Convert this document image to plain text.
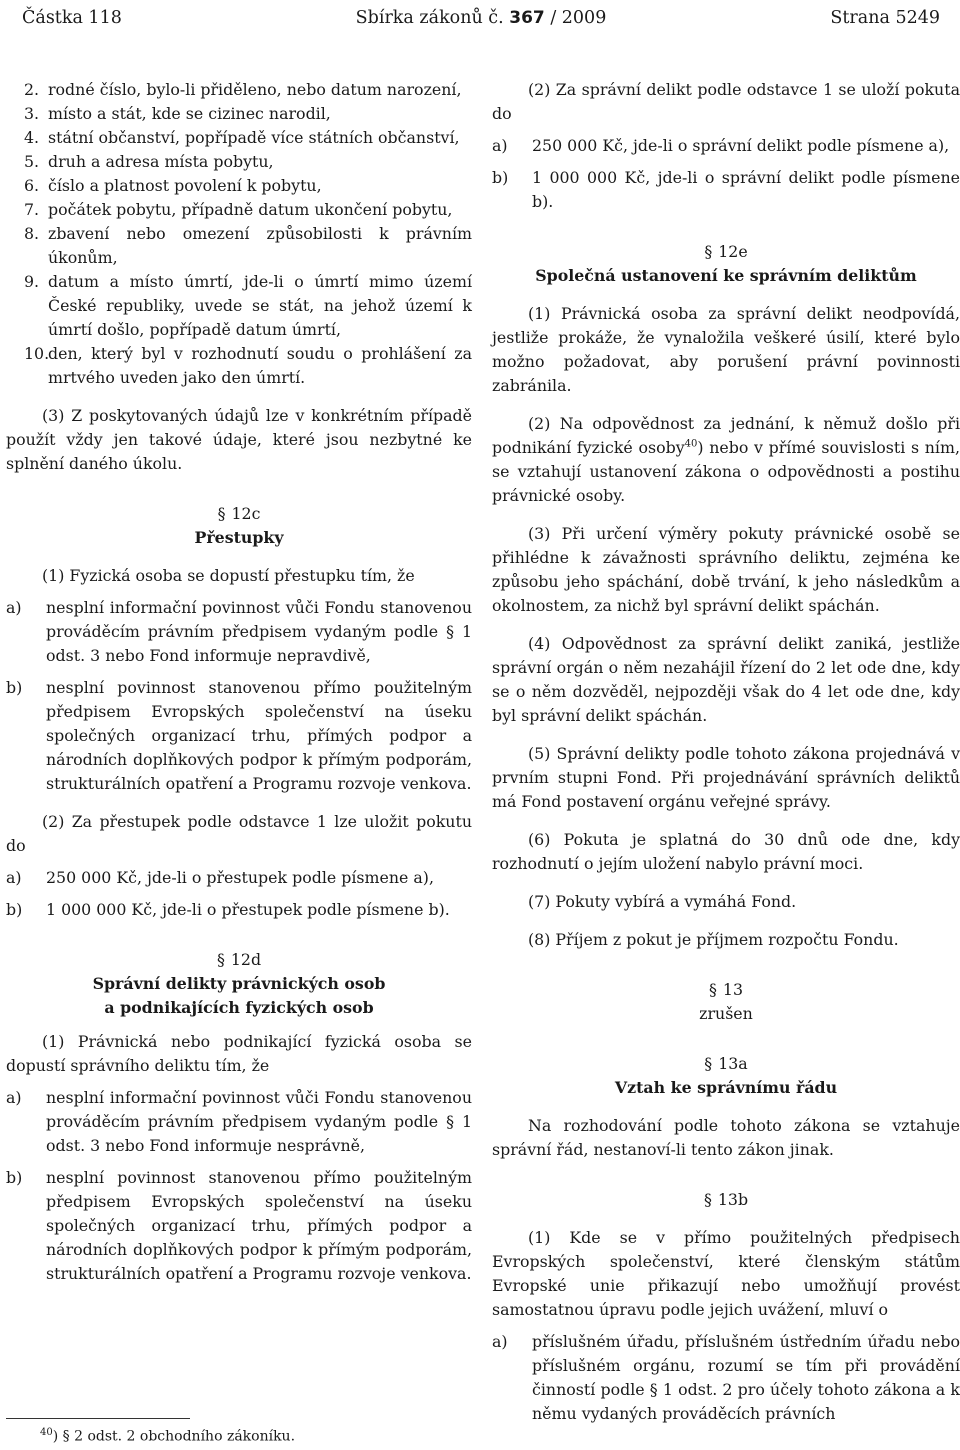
Částka 118	Sbírka zákonů č. 367 / 2009	Strana 5249
2. rodné číslo, bylo-li přiděleno, nebo datum narození,
3. místo a stát, kde se cizinec narodil,
4. státní občanství, popřípadě více státních občanství,
5. druh a adresa místa pobytu,
6. číslo a platnost povolení k pobytu,
7. počátek pobytu, případně datum ukončení pobytu,
8. zbavení nebo omezení způsobilosti k právním úkonům,
9. datum a místo úmrtí, jde-li o úmrtí mimo území České republiky, uvede se stát, na jehož území k úmrtí došlo, popřípadě datum úmrtí,
10.
den, který byl v rozhodnutí soudu o prohlášení za mrtvého uveden jako den úmrtí.

(3) Z poskytovaných údajů lze v konkrétním případě použít vždy jen takové údaje, které jsou nezbytné ke splnění daného úkolu.

§ 12c

Přestupky

(1) Fyzická osoba se dopustí přestupku tím, že

a)	nesplní informační povinnost vůči Fondu stanovenou prováděcím právním předpisem vydaným podle § 1 odst. 3 nebo Fond informuje nepravdivě,
b)	nesplní povinnost stanovenou přímo použitelným předpisem Evropských společenství na úseku společných organizací trhu, přímých podpor a národních doplňkových podpor k přímým podporám, strukturálních opatření a Programu rozvoje venkova.

(2) Za přestupek podle odstavce 1 lze uložit pokutu do

a)	250 000 Kč, jde-li o přestupek podle písmene a),
b)	1 000 000 Kč, jde-li o přestupek podle písmene b).

§ 12d

Správní delikty právnických osob

a podnikajících fyzických osob

(1) Právnická nebo podnikající fyzická osoba se dopustí správního deliktu tím, že

a)	nesplní informační povinnost vůči Fondu stanovenou prováděcím právním předpisem vydaným podle § 1 odst. 3 nebo Fond informuje nesprávně,
b)	nesplní povinnost stanovenou přímo použitelným předpisem Evropských společenství na úseku společných organizací trhu, přímých podpor a národních doplňkových podpor k přímým podporám, strukturálních opatření a Programu rozvoje venkova.

(2) Za správní delikt podle odstavce 1 se uloží pokuta do

a)	250 000 Kč, jde-li o správní delikt podle písmene a),
b)	1 000 000 Kč, jde-li o správní delikt podle písmene b).

§ 12e

Společná ustanovení ke správním deliktům

(1) Právnická osoba za správní delikt neodpovídá, jestliže prokáže, že vynaložila veškeré úsilí, které bylo možno požadovat, aby porušení právní povinnosti zabránila.

(2) Na odpovědnost za jednání, k němuž došlo při podnikání fyzické osoby$^{40}$) nebo v přímé souvislosti s ním, se vztahují ustanovení zákona o odpovědnosti a postihu právnické osoby.

(3) Při určení výměry pokuty právnické osobě se přihlédne k závažnosti správního deliktu, zejména ke způsobu jeho spáchání, době trvání, k jeho následkům a okolnostem, za nichž byl správní delikt spáchán.

(4) Odpovědnost za správní delikt zaniká, jestliže správní orgán o něm nezahájil řízení do 2 let ode dne, kdy se o něm dozvěděl, nejpozději však do 4 let ode dne, kdy byl správní delikt spáchán.

(5) Správní delikty podle tohoto zákona projednává v prvním stupni Fond. Při projednávání správních deliktů má Fond postavení orgánu veřejné správy.

(6) Pokuta je splatná do 30 dnů ode dne, kdy rozhodnutí o jejím uložení nabylo právní moci.

(7) Pokuty vybírá a vymáhá Fond.

(8) Příjem z pokut je příjmem rozpočtu Fondu.

§ 13

zrušen

§ 13a

Vztah ke správnímu řádu

Na rozhodování podle tohoto zákona se vztahuje správní řád, nestanoví-li tento zákon jinak.

§ 13b

(1) Kde se v přímo použitelných předpisech Evropských společenství, které členským státům Evropské unie přikazují nebo umožňují provést samostatnou úpravu podle jejich uvážení, mluví o

a)	příslušném úřadu, příslušném ústředním úřadu nebo příslušném orgánu, rozumí se tím při provádění činností podle § 1 odst. 2 pro účely tohoto zákona a k němu vydaných prováděcích právních
$^{40}$) § 2 odst. 2 obchodního zákoníku.
